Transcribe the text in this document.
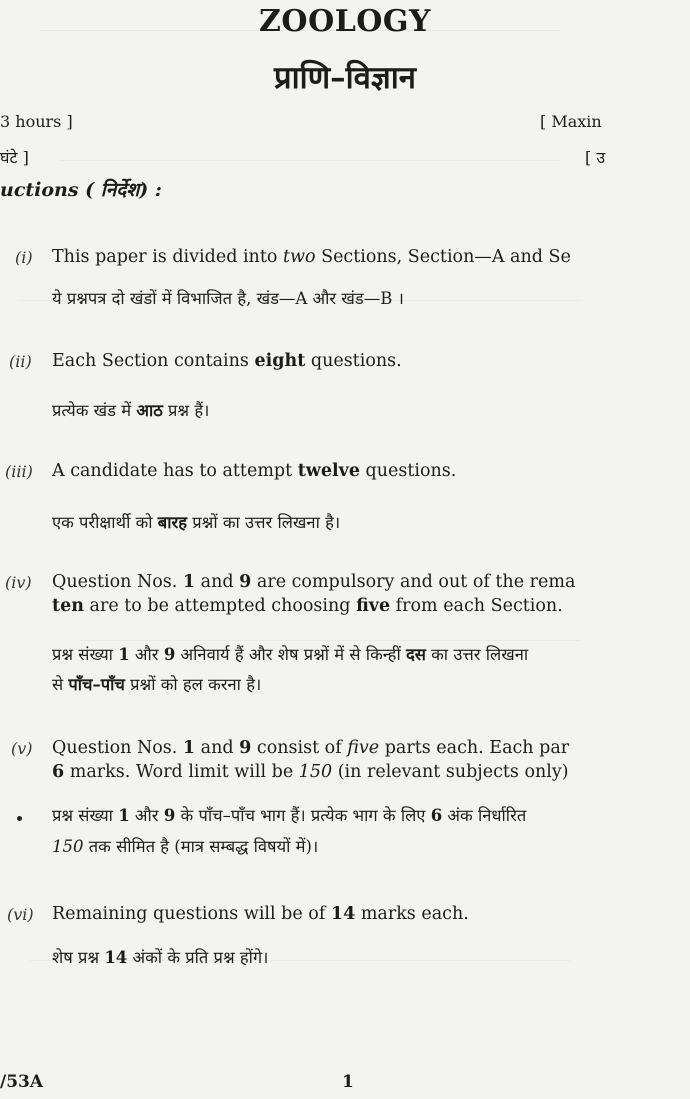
ZOOLOGY
प्राणि–विज्ञान
3 hours ]
घंटे ]
[ Maxin
[ उ
uctions ( निर्देश) :
(i) This paper is divided into two Sections, Section—A and Se
ये प्रश्नपत्र दो खंडों में विभाजित है, खंड—A और खंड—B ।
(ii) Each Section contains eight questions.
प्रत्येक खंड में आठ प्रश्न हैं।
(iii) A candidate has to attempt twelve questions.
एक परीक्षार्थी को बारह प्रश्नों का उत्तर लिखना है।
(iv) Question Nos. 1 and 9 are compulsory and out of the rema
ten are to be attempted choosing five from each Section.
प्रश्न संख्या 1 और 9 अनिवार्य हैं और शेष प्रश्नों में से किन्हीं दस का उत्तर लिखना
से पाँच–पाँच प्रश्नों को हल करना है।
(v) Question Nos. 1 and 9 consist of five parts each. Each par
6 marks. Word limit will be 150 (in relevant subjects only)
प्रश्न संख्या 1 और 9 के पाँच–पाँच भाग हैं। प्रत्येक भाग के लिए 6 अंक निर्धारित
150 तक सीमित है (मात्र सम्बद्ध विषयों में)।
(vi) Remaining questions will be of 14 marks each.
शेष प्रश्न 14 अंकों के प्रति प्रश्न होंगे।
/53A	1
